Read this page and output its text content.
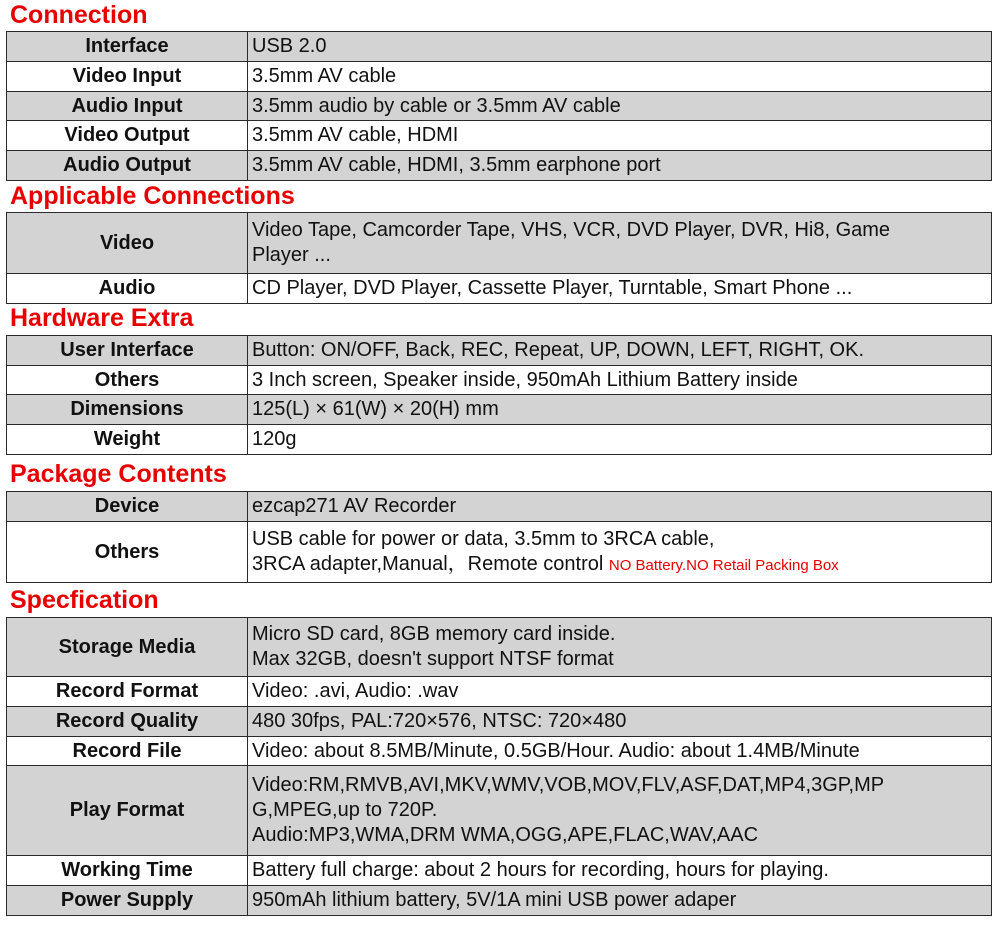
Connection
Interface	USB 2.0

Video Input	3.5mm AV cable

Audio Input	3.5mm audio by cable or 3.5mm AV cable

Video Output	3.5mm AV cable, HDMI

Audio Output	3.5mm AV cable, HDMI, 3.5mm earphone port
Applicable Connections
Video	Video Tape, Camcorder Tape, VHS, VCR, DVD Player, DVR, Hi8, Game
Player ...

Audio	CD Player, DVD Player, Cassette Player, Turntable, Smart Phone ...
Hardware Extra
User Interface	Button: ON/OFF, Back, REC, Repeat, UP, DOWN, LEFT, RIGHT, OK.

Others	3 Inch screen, Speaker inside, 950mAh Lithium Battery inside

Dimensions	125(L) × 61(W) × 20(H) mm

Weight	120g
Package Contents
Device	ezcap271 AV Recorder

Others	USB cable for power or data, 3.5mm to 3RCA cable,
3RCA adapter,Manual，Remote control NO Battery.NO Retail Packing Box
Specfication
Storage Media	Micro SD card, 8GB memory card inside.
Max 32GB, doesn't support NTSF format

Record Format	Video: .avi, Audio: .wav

Record Quality	480 30fps, PAL:720×576, NTSC: 720×480

Record File	Video: about 8.5MB/Minute, 0.5GB/Hour. Audio: about 1.4MB/Minute

Play Format	Video:RM,RMVB,AVI,MKV,WMV,VOB,MOV,FLV,ASF,DAT,MP4,3GP,MP
G,MPEG,up to 720P.
Audio:MP3,WMA,DRM WMA,OGG,APE,FLAC,WAV,AAC

Working Time	Battery full charge: about 2 hours for recording, hours for playing.

Power Supply	950mAh lithium battery, 5V/1A mini USB power adaper
